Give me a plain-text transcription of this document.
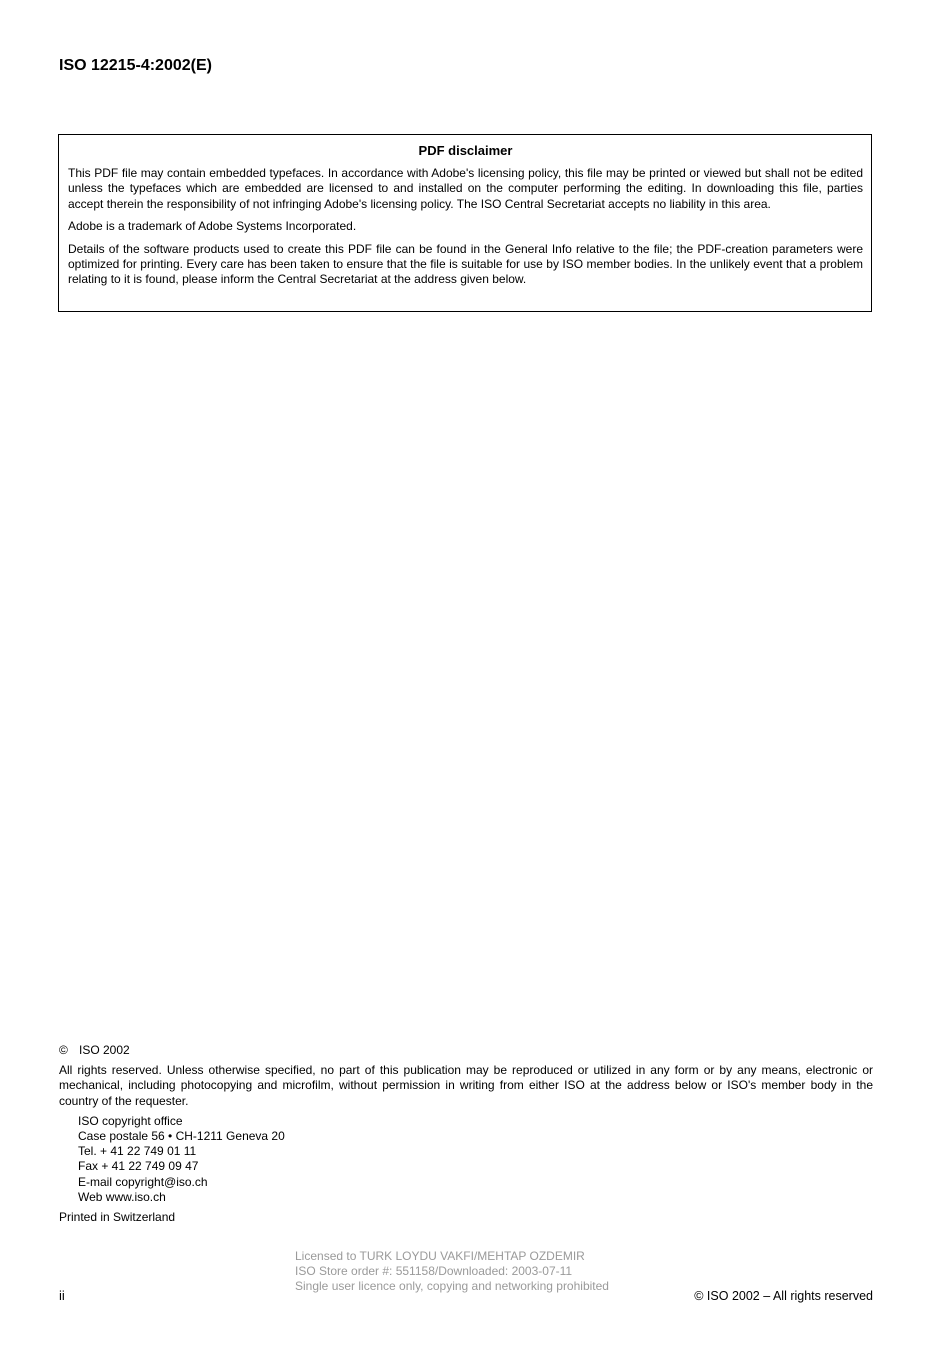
ISO 12215-4:2002(E)
PDF disclaimer

This PDF file may contain embedded typefaces. In accordance with Adobe's licensing policy, this file may be printed or viewed but shall not be edited unless the typefaces which are embedded are licensed to and installed on the computer performing the editing. In downloading this file, parties accept therein the responsibility of not infringing Adobe's licensing policy. The ISO Central Secretariat accepts no liability in this area.

Adobe is a trademark of Adobe Systems Incorporated.

Details of the software products used to create this PDF file can be found in the General Info relative to the file; the PDF-creation parameters were optimized for printing. Every care has been taken to ensure that the file is suitable for use by ISO member bodies. In the unlikely event that a problem relating to it is found, please inform the Central Secretariat at the address given below.

© ISO 2002
All rights reserved. Unless otherwise specified, no part of this publication may be reproduced or utilized in any form or by any means, electronic or mechanical, including photocopying and microfilm, without permission in writing from either ISO at the address below or ISO's member body in the country of the requester.
ISO copyright office
Case postale 56 • CH-1211 Geneva 20
Tel. + 41 22 749 01 11
Fax + 41 22 749 09 47
E-mail copyright@iso.ch
Web www.iso.ch
Printed in Switzerland
Licensed to TURK LOYDU VAKFI/MEHTAP OZDEMIR
ISO Store order #: 551158/Downloaded: 2003-07-11
Single user licence only, copying and networking prohibited
ii	© ISO 2002 – All rights reserved
